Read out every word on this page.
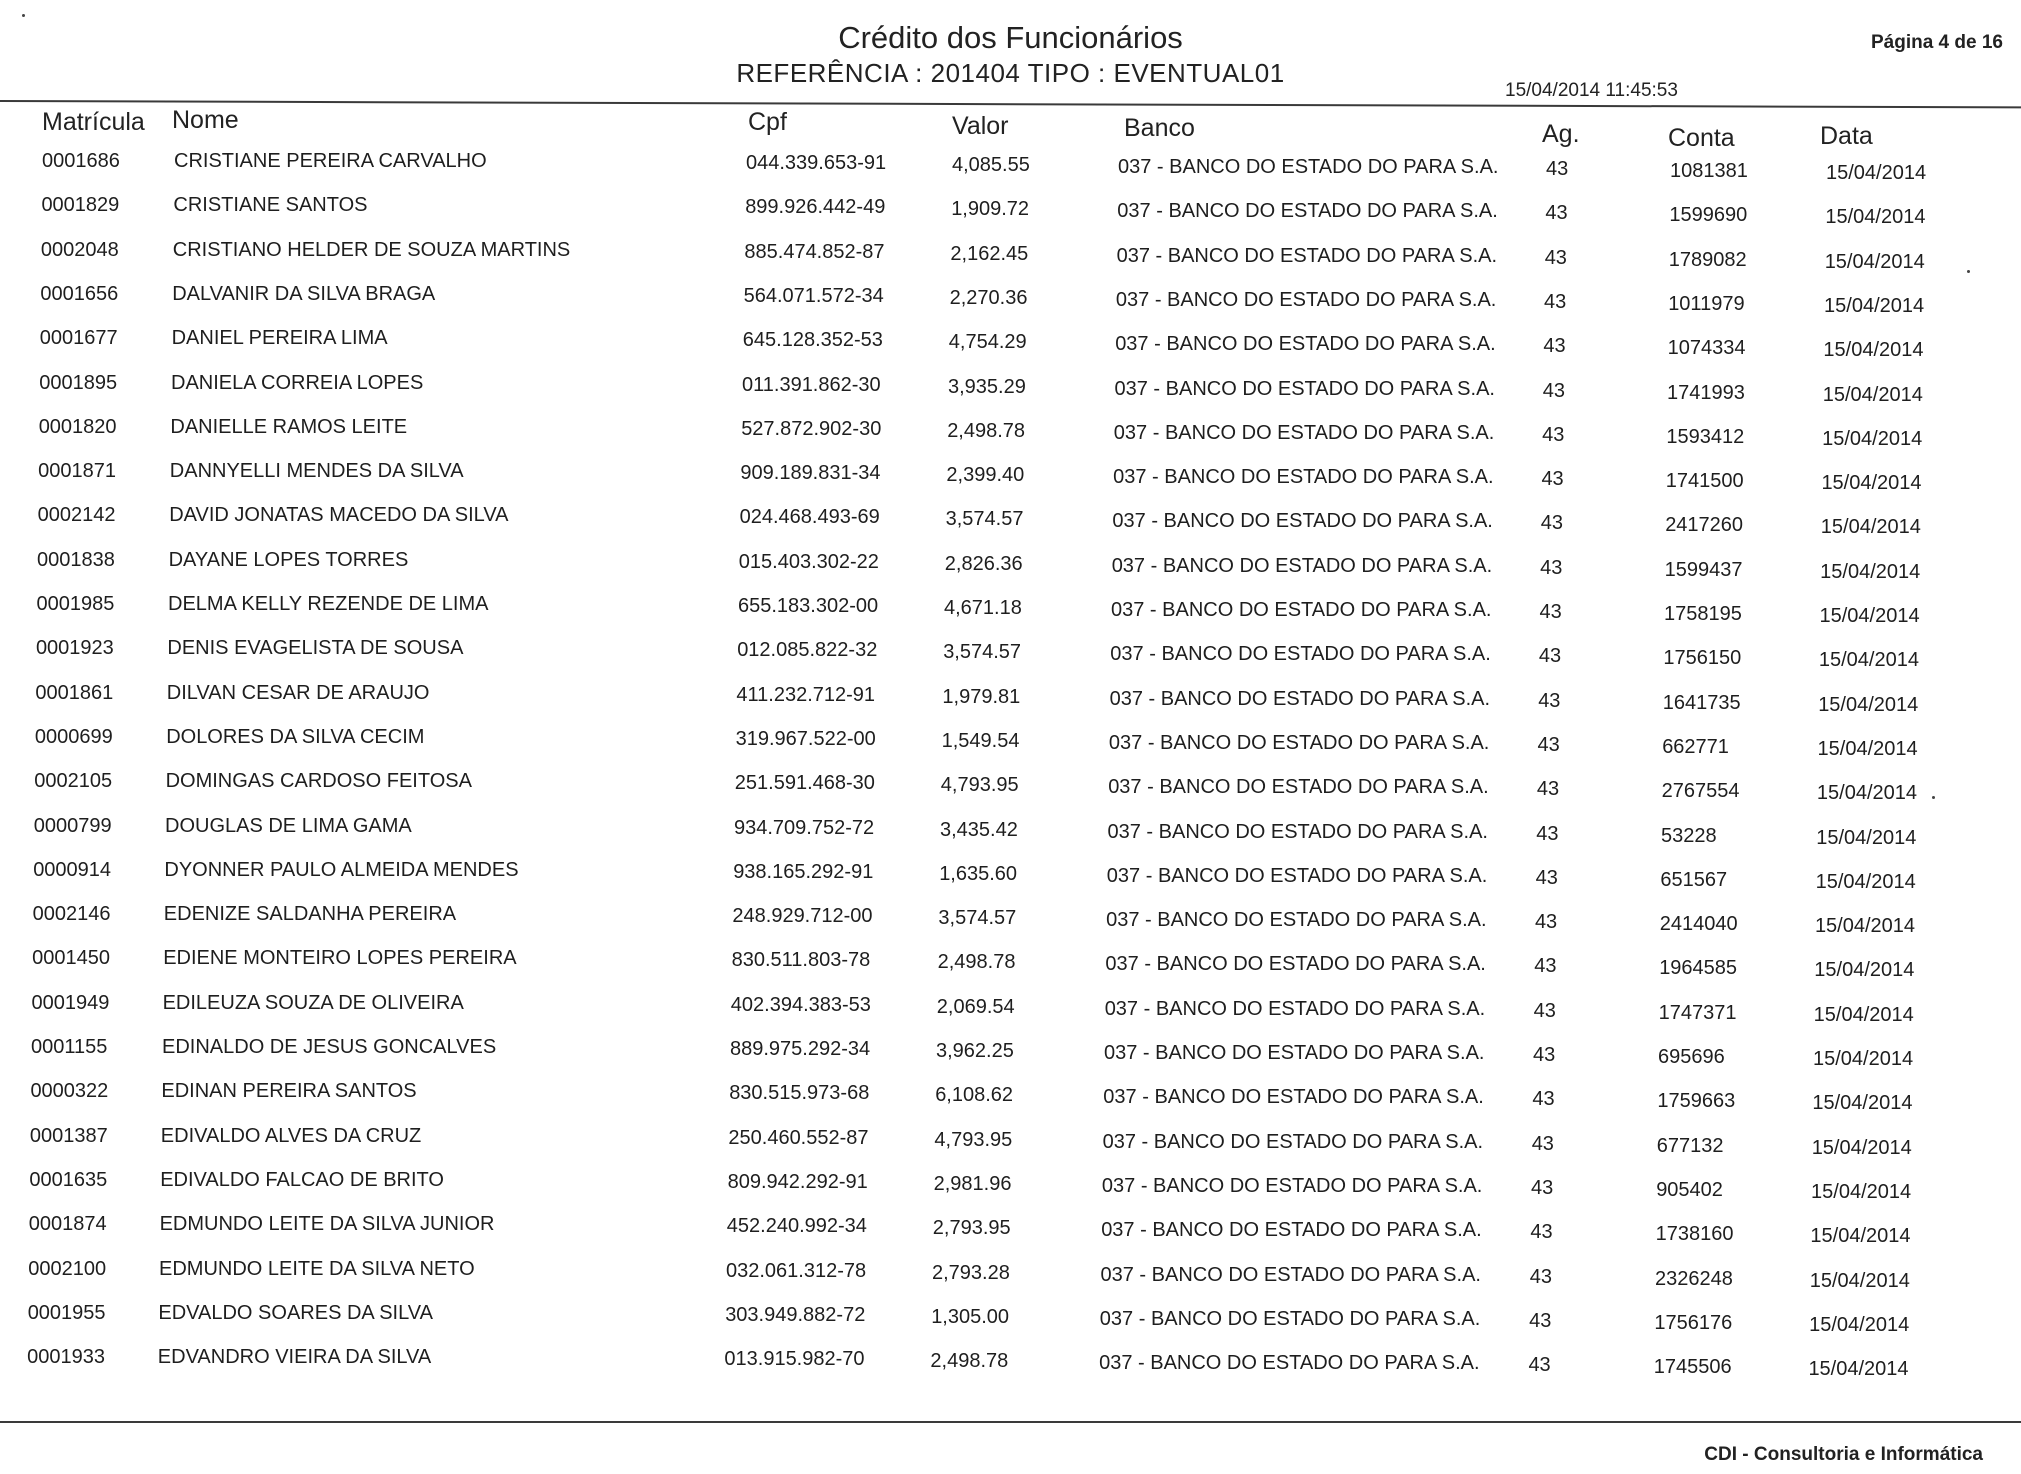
Crédito dos Funcionários
REFERÊNCIA : 201404 TIPO : EVENTUAL01
Página 4 de 16
15/04/2014 11:45:53
Matrícula Nome	Cpf	Valor	Banco	Ag.	Conta	Data
0001686	CRISTIANE PEREIRA CARVALHO	044.339.653-91	4,085.55	037 - BANCO DO ESTADO DO PARA S.A. 43	1081381	15/04/2014
0001829	CRISTIANE SANTOS	899.926.442-49	1,909.72	037 - BANCO DO ESTADO DO PARA S.A. 43	1599690	15/04/2014
0002048	CRISTIANO HELDER DE SOUZA MARTINS	885.474.852-87	2,162.45	037 - BANCO DO ESTADO DO PARA S.A. 43	1789082	15/04/2014
0001656	DALVANIR DA SILVA BRAGA	564.071.572-34	2,270.36	037 - BANCO DO ESTADO DO PARA S.A. 43	1011979	15/04/2014
0001677	DANIEL PEREIRA LIMA	645.128.352-53	4,754.29	037 - BANCO DO ESTADO DO PARA S.A. 43	1074334	15/04/2014
0001895	DANIELA CORREIA LOPES	011.391.862-30	3,935.29	037 - BANCO DO ESTADO DO PARA S.A. 43	1741993	15/04/2014
0001820	DANIELLE RAMOS LEITE	527.872.902-30	2,498.78	037 - BANCO DO ESTADO DO PARA S.A. 43	1593412	15/04/2014
0001871	DANNYELLI MENDES DA SILVA	909.189.831-34	2,399.40	037 - BANCO DO ESTADO DO PARA S.A. 43	1741500	15/04/2014
0002142	DAVID JONATAS MACEDO DA SILVA	024.468.493-69	3,574.57	037 - BANCO DO ESTADO DO PARA S.A. 43	2417260	15/04/2014
0001838	DAYANE LOPES TORRES	015.403.302-22	2,826.36	037 - BANCO DO ESTADO DO PARA S.A. 43	1599437	15/04/2014
0001985	DELMA KELLY REZENDE DE LIMA	655.183.302-00	4,671.18	037 - BANCO DO ESTADO DO PARA S.A. 43	1758195	15/04/2014
0001923	DENIS EVAGELISTA DE SOUSA	012.085.822-32	3,574.57	037 - BANCO DO ESTADO DO PARA S.A. 43	1756150	15/04/2014
0001861	DILVAN CESAR DE ARAUJO	411.232.712-91	1,979.81	037 - BANCO DO ESTADO DO PARA S.A. 43	1641735	15/04/2014
0000699	DOLORES DA SILVA CECIM	319.967.522-00	1,549.54	037 - BANCO DO ESTADO DO PARA S.A. 43	662771	15/04/2014
0002105	DOMINGAS CARDOSO FEITOSA	251.591.468-30	4,793.95	037 - BANCO DO ESTADO DO PARA S.A. 43	2767554	15/04/2014
0000799	DOUGLAS DE LIMA GAMA	934.709.752-72	3,435.42	037 - BANCO DO ESTADO DO PARA S.A. 43	53228	15/04/2014
0000914	DYONNER PAULO ALMEIDA MENDES	938.165.292-91	1,635.60	037 - BANCO DO ESTADO DO PARA S.A. 43	651567	15/04/2014
0002146	EDENIZE SALDANHA PEREIRA	248.929.712-00	3,574.57	037 - BANCO DO ESTADO DO PARA S.A. 43	2414040	15/04/2014
0001450	EDIENE MONTEIRO LOPES PEREIRA	830.511.803-78	2,498.78	037 - BANCO DO ESTADO DO PARA S.A. 43	1964585	15/04/2014
0001949	EDILEUZA SOUZA DE OLIVEIRA	402.394.383-53	2,069.54	037 - BANCO DO ESTADO DO PARA S.A. 43	1747371	15/04/2014
0001155	EDINALDO DE JESUS GONCALVES	889.975.292-34	3,962.25	037 - BANCO DO ESTADO DO PARA S.A. 43	695696	15/04/2014
0000322	EDINAN PEREIRA SANTOS	830.515.973-68	6,108.62	037 - BANCO DO ESTADO DO PARA S.A. 43	1759663	15/04/2014
0001387	EDIVALDO ALVES DA CRUZ	250.460.552-87	4,793.95	037 - BANCO DO ESTADO DO PARA S.A. 43	677132	15/04/2014
0001635	EDIVALDO FALCAO DE BRITO	809.942.292-91	2,981.96	037 - BANCO DO ESTADO DO PARA S.A. 43	905402	15/04/2014
0001874	EDMUNDO LEITE DA SILVA JUNIOR	452.240.992-34	2,793.95	037 - BANCO DO ESTADO DO PARA S.A. 43	1738160	15/04/2014
0002100	EDMUNDO LEITE DA SILVA NETO	032.061.312-78	2,793.28	037 - BANCO DO ESTADO DO PARA S.A. 43	2326248	15/04/2014
0001955	EDVALDO SOARES DA SILVA	303.949.882-72	1,305.00	037 - BANCO DO ESTADO DO PARA S.A. 43	1756176	15/04/2014
0001933	EDVANDRO VIEIRA DA SILVA	013.915.982-70	2,498.78	037 - BANCO DO ESTADO DO PARA S.A. 43	1745506	15/04/2014
CDI - Consultoria e Informática
